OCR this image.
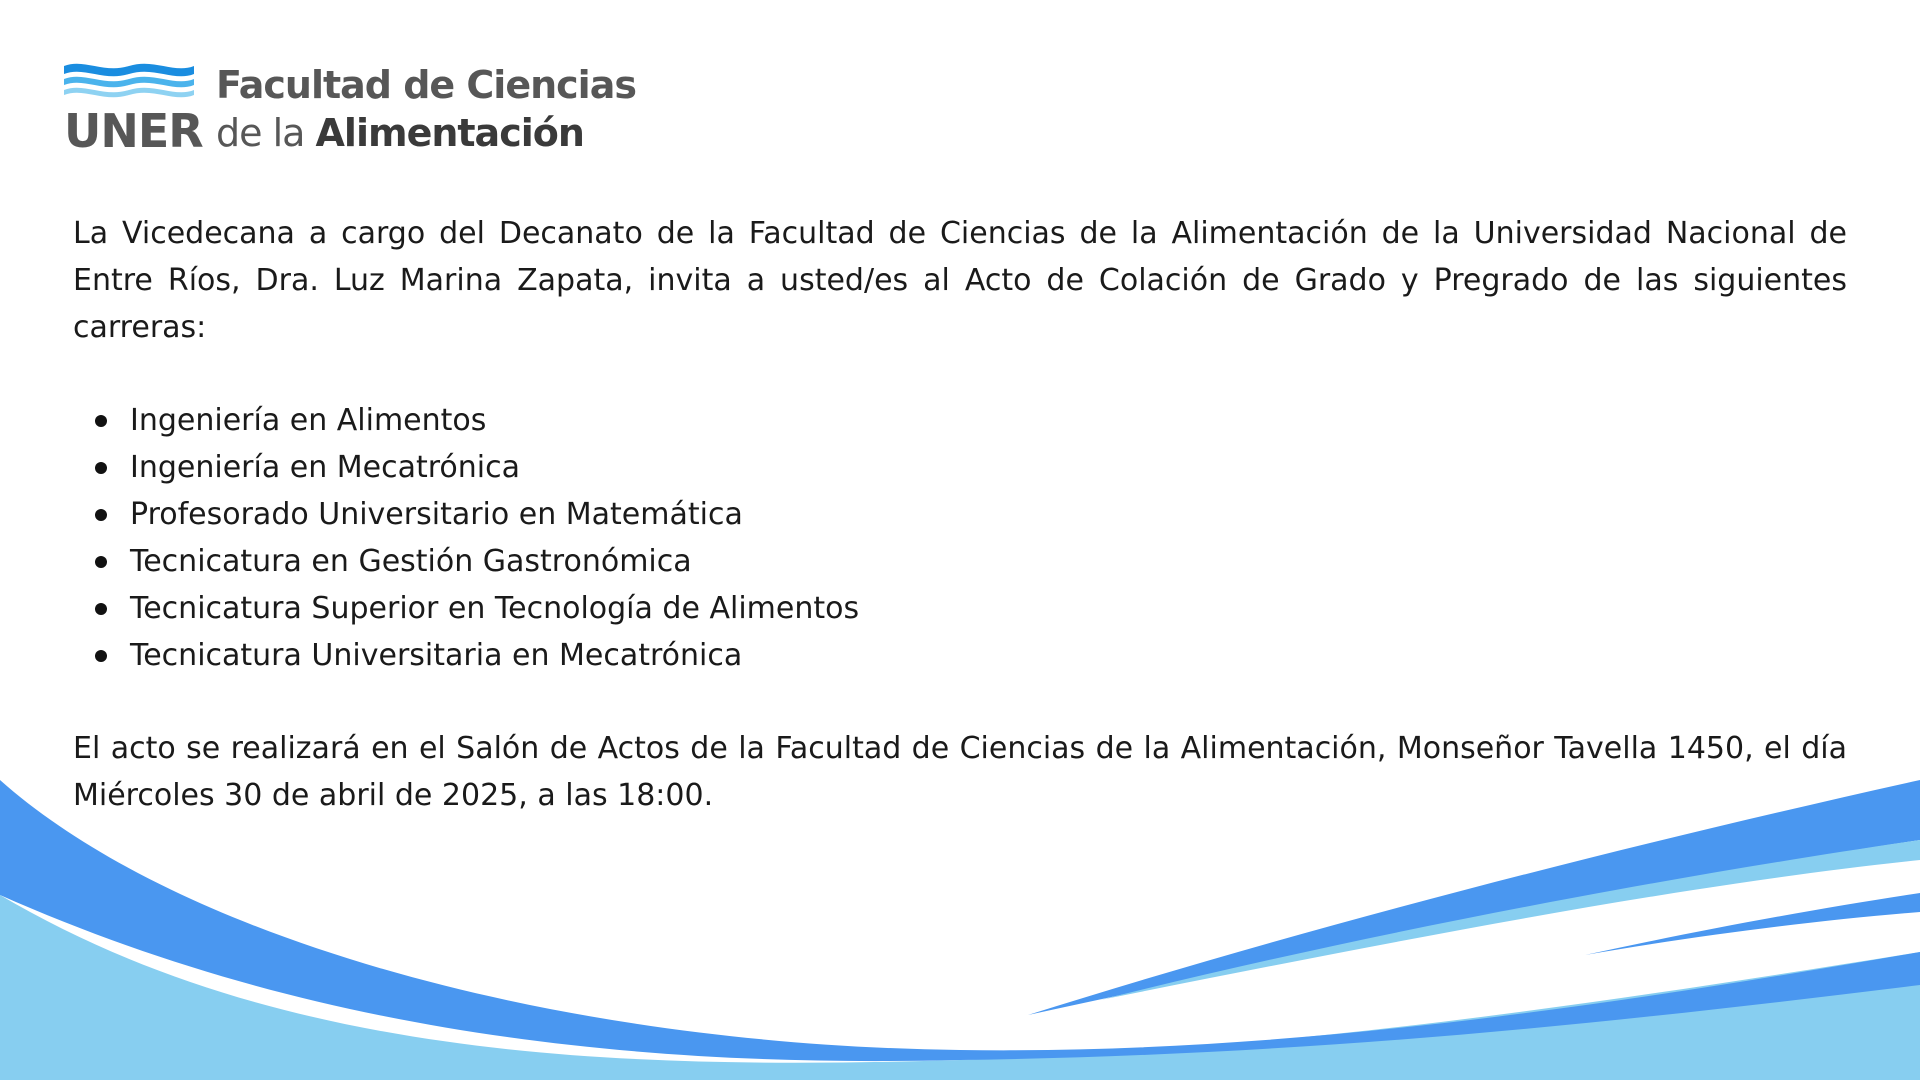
UNER
Facultad de Ciencias
de la Alimentación

La Vicedecana a cargo del Decanato de la Facultad de Ciencias de la Alimentación de la Universidad Nacional de Entre Ríos, Dra. Luz Marina Zapata, invita a usted/es al Acto de Colación de Grado y Pregrado de las siguientes carreras:

Ingeniería en Alimentos
Ingeniería en Mecatrónica
Profesorado Universitario en Matemática
Tecnicatura en Gestión Gastronómica
Tecnicatura Superior en Tecnología de Alimentos
Tecnicatura Universitaria en Mecatrónica

El acto se realizará en el Salón de Actos de la Facultad de Ciencias de la Alimentación, Monseñor Tavella 1450, el día Miércoles 30 de abril de 2025, a las 18:00.
